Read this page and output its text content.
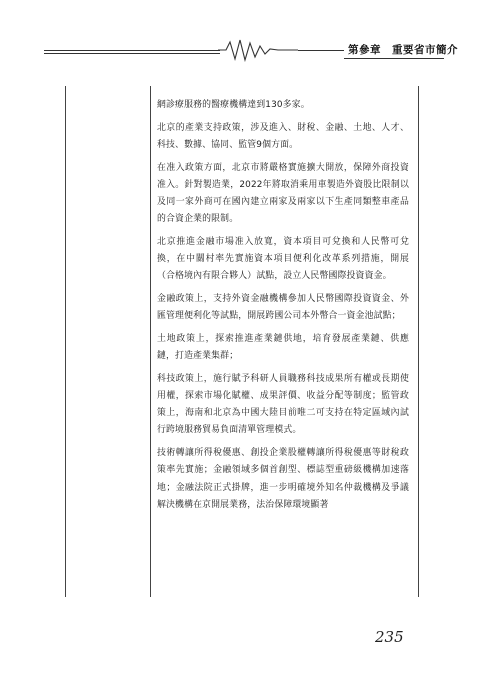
第參章　重要省市簡介

網診療服務的醫療機構達到130多家。

北京的產業支持政策，涉及進入、財稅、金融、土地、人才、科技、數據、協同、監管9個方面。

在准入政策方面，北京市將嚴格實施擴大開放，保障外商投資准入。針對製造業，2022年將取消乘用車製造外資股比限制以及同一家外商可在國內建立兩家及兩家以下生產同類整車產品的合資企業的限制。

北京推進金融市場准入放寬，資本項目可兌換和人民幣可兌換，在中關村率先實施資本項目便利化改革系列措施，開展（合格境內有限合夥人）試點，設立人民幣國際投資資金。

金融政策上，支持外資金融機構參加人民幣國際投資資金、外匯管理便利化等試點，開展跨國公司本外幣合一資金池試點；

土地政策上，探索推進產業鏈供地，培育發展產業鏈、供應鏈，打造產業集群；

科技政策上，施行賦予科研人員職務科技成果所有權或長期使用權，探索市場化賦權、成果評價、收益分配等制度；監管政策上，海南和北京為中國大陸目前唯二可支持在特定區域內試行跨境服務貿易負面清單管理模式。

技術轉讓所得稅優惠、創投企業股權轉讓所得稅優惠等財稅政策率先實施；金融領域多個首創型、標誌型重磅級機構加速落地；金融法院正式掛牌，進一步明確境外知名仲裁機構及爭議解決機構在京開展業務，法治保障環境顯著

235
